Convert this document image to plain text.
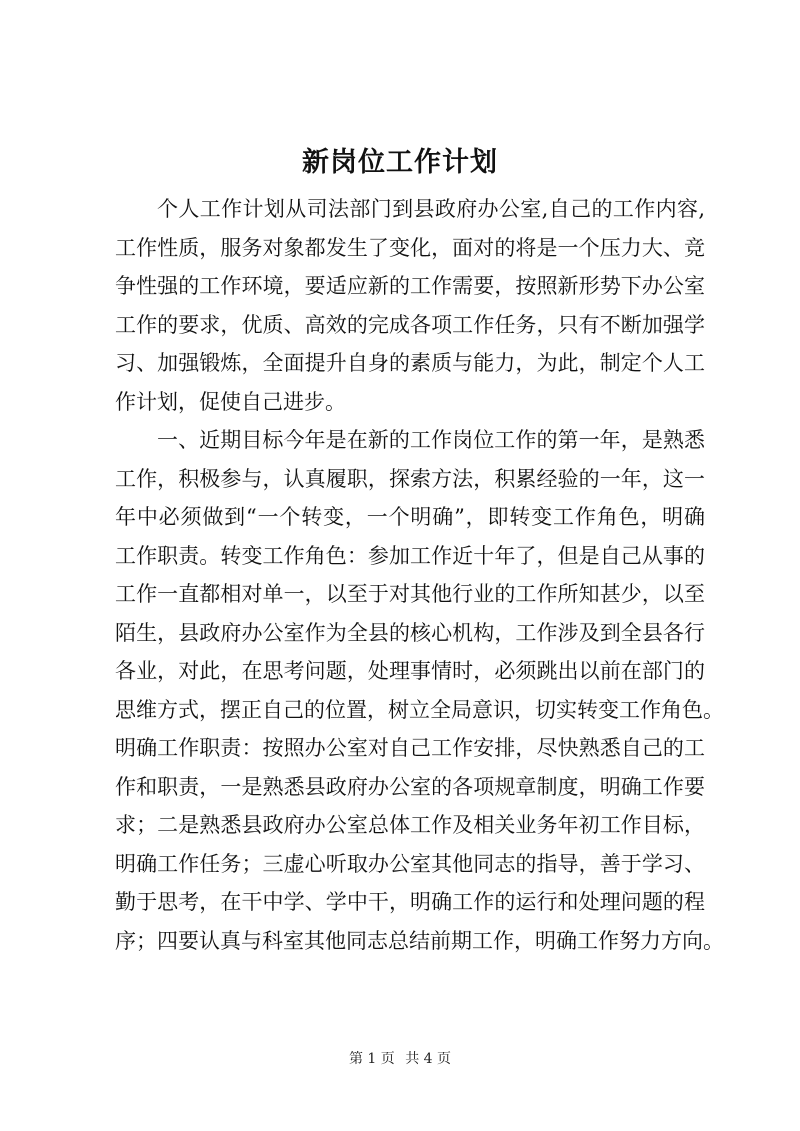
新岗位工作计划
个人工作计划从司法部门到县政府办公室,自己的工作内容,
工作性质，服务对象都发生了变化，面对的将是一个压力大、竞
争性强的工作环境，要适应新的工作需要，按照新形势下办公室
工作的要求，优质、高效的完成各项工作任务，只有不断加强学
习、加强锻炼，全面提升自身的素质与能力，为此，制定个人工
作计划，促使自己进步。
一、近期目标今年是在新的工作岗位工作的第一年，是熟悉
工作，积极参与，认真履职，探索方法，积累经验的一年，这一
年中必须做到“一个转变，一个明确”，即转变工作角色，明确
工作职责。转变工作角色：参加工作近十年了，但是自己从事的
工作一直都相对单一，以至于对其他行业的工作所知甚少，以至
陌生，县政府办公室作为全县的核心机构，工作涉及到全县各行
各业，对此，在思考问题，处理事情时，必须跳出以前在部门的
思维方式，摆正自己的位置，树立全局意识，切实转变工作角色。
明确工作职责：按照办公室对自己工作安排，尽快熟悉自己的工
作和职责，一是熟悉县政府办公室的各项规章制度，明确工作要
求；二是熟悉县政府办公室总体工作及相关业务年初工作目标，
明确工作任务；三虚心听取办公室其他同志的指导，善于学习、
勤于思考，在干中学、学中干，明确工作的运行和处理问题的程
序；四要认真与科室其他同志总结前期工作，明确工作努力方向。
第 1 页 共 4 页
